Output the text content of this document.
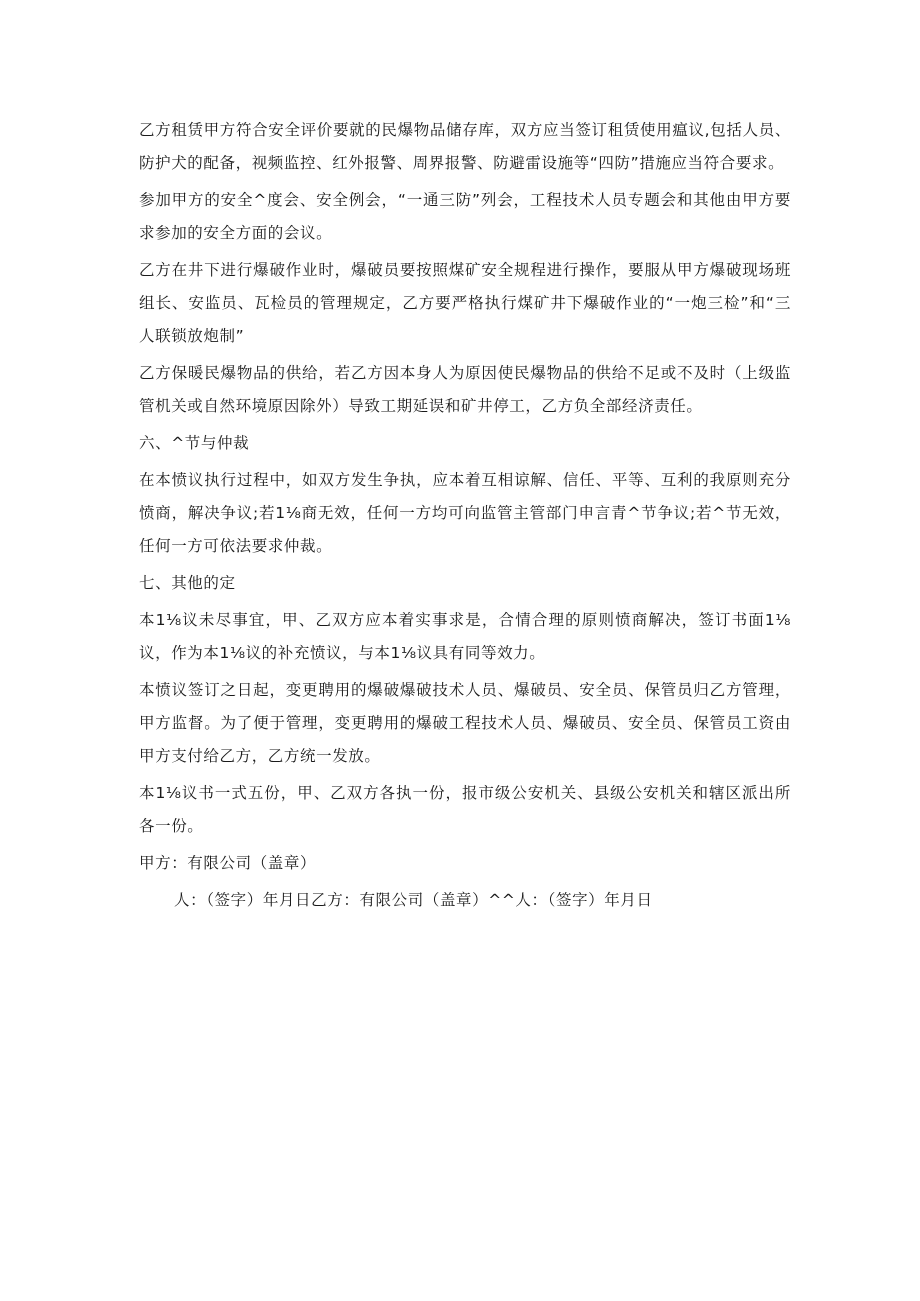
乙方租赁甲方符合安全评价要就的民爆物品储存库，双方应当签订租赁使用瘟议,包括人员、防护犬的配备，视频监控、红外报警、周界报警、防避雷设施等“四防”措施应当符合要求。

参加甲方的安全^度会、安全例会，“一通三防”列会，工程技术人员专题会和其他由甲方要求参加的安全方面的会议。

乙方在井下进行爆破作业时，爆破员要按照煤矿安全规程进行操作，要服从甲方爆破现场班组长、安监员、瓦检员的管理规定，乙方要严格执行煤矿井下爆破作业的“一炮三检”和“三人联锁放炮制”

乙方保暖民爆物品的供给，若乙方因本身人为原因使民爆物品的供给不足或不及时（上级监管机关或自然环境原因除外）导致工期延误和矿井停工，乙方负全部经济责任。

六、^节与仲裁

在本愤议执行过程中，如双方发生争执，应本着互相谅解、信任、平等、互利的我原则充分愤商，解决争议;若1⅛商无效，任何一方均可向监管主管部门申言青^节争议;若^节无效，任何一方可依法要求仲裁。

七、其他的定

本1⅛议未尽事宜，甲、乙双方应本着实事求是，合情合理的原则愤商解决，签订书面1⅛议，作为本1⅛议的补充愤议，与本1⅛议具有同等效力。

本愤议签订之日起，变更聘用的爆破爆破技术人员、爆破员、安全员、保管员归乙方管理，甲方监督。为了便于管理，变更聘用的爆破工程技术人员、爆破员、安全员、保管员工资由甲方支付给乙方，乙方统一发放。

本1⅛议书一式五份，甲、乙双方各执一份，报市级公安机关、县级公安机关和辖区派出所各一份。

甲方：有限公司（盖章）

人：（签字）年月日乙方：有限公司（盖章）^^人：（签字）年月日
